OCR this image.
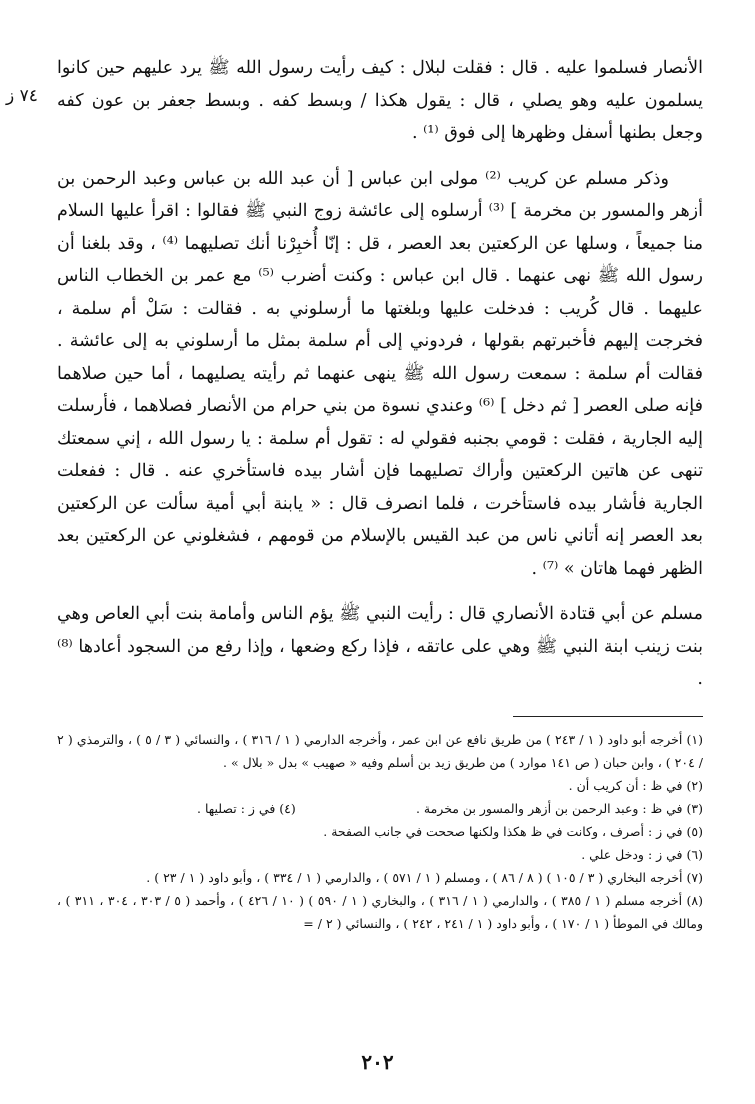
٧٤ ز

الأنصار فسلموا عليه . قال : فقلت لبلال : كيف رأيت رسول الله ﷺ يرد عليهم حين كانوا يسلمون عليه وهو يصلي ، قال : يقول هكذا / وبسط كفه . وبسط جعفر بن عون كفه وجعل بطنها أسفل وظهرها إلى فوق ⁽¹⁾ .

وذكر مسلم عن كريب ⁽²⁾ مولى ابن عباس [ أن عبد الله بن عباس وعبد الرحمن بن أزهر والمسور بن مخرمة ] ⁽³⁾ أرسلوه إلى عائشة زوج النبي ﷺ فقالوا : اقرأ عليها السلام منا جميعاً ، وسلها عن الركعتين بعد العصر ، قل : إنّا أُخبِرْنا أنك تصليهما ⁽⁴⁾ ، وقد بلغنا أن رسول الله ﷺ نهى عنهما . قال ابن عباس : وكنت أضرب ⁽⁵⁾ مع عمر بن الخطاب الناس عليهما . قال كُريب : فدخلت عليها وبلغتها ما أرسلوني به . فقالت : سَلْ أم سلمة ، فخرجت إليهم فأخبرتهم بقولها ، فردوني إلى أم سلمة بمثل ما أرسلوني به إلى عائشة . فقالت أم سلمة : سمعت رسول الله ﷺ ينهى عنهما ثم رأيته يصليهما ، أما حين صلاهما فإنه صلى العصر [ ثم دخل ] ⁽⁶⁾ وعندي نسوة من بني حرام من الأنصار فصلاهما ، فأرسلت إليه الجارية ، فقلت : قومي بجنبه فقولي له : تقول أم سلمة : يا رسول الله ، إني سمعتك تنهى عن هاتين الركعتين وأراك تصليهما فإن أشار بيده فاستأخري عنه . قال : ففعلت الجارية فأشار بيده فاستأخرت ، فلما انصرف قال : « يابنة أبي أمية سألت عن الركعتين بعد العصر إنه أتاني ناس من عبد القيس بالإسلام من قومهم ، فشغلوني عن الركعتين بعد الظهر فهما هاتان » ⁽⁷⁾ .

مسلم عن أبي قتادة الأنصاري قال : رأيت النبي ﷺ يؤم الناس وأمامة بنت أبي العاص وهي بنت زينب ابنة النبي ﷺ وهي على عاتقه ، فإذا ركع وضعها ، وإذا رفع من السجود أعادها ⁽⁸⁾ .

(١) أخرجه أبو داود ( ١ / ٢٤٣ ) من طريق نافع عن ابن عمر ، وأخرجه الدارمي ( ١ / ٣١٦ ) ، والنسائي ( ٣ / ٥ ) ، والترمذي ( ٢ / ٢٠٤ ) ، وابن حبان ( ص ١٤١ موارد ) من طريق زيد بن أسلم وفيه « صهيب » بدل « بلال » .

(٢) في ظ : أن كريب أن .

(٣) في ظ : وعبد الرحمن بن أزهر والمسور بن مخرمة .
(٤) في ز : تصليها .

(٥) في ز : أصرف ، وكانت في ظ هكذا ولكنها صححت في جانب الصفحة .

(٦) في ز : ودخل علي .

(٧) أخرجه البخاري ( ٣ / ١٠٥ ) ( ٨ / ٨٦ ) ، ومسلم ( ١ / ٥٧١ ) ، والدارمي ( ١ / ٣٣٤ ) ، وأبو داود ( ١ / ٢٣ ) .

(٨) أخرجه مسلم ( ١ / ٣٨٥ ) ، والدارمي ( ١ / ٣١٦ ) ، والبخاري ( ١ / ٥٩٠ ) ( ١٠ / ٤٢٦ ) ، وأحمد ( ٥ / ٣٠٣ ، ٣٠٤ ، ٣١١ ) ، ومالك في الموطأ ( ١ / ١٧٠ ) ، وأبو داود ( ١ / ٢٤١ ، ٢٤٢ ) ، والنسائي ( ٢ / =

٢٠٢
